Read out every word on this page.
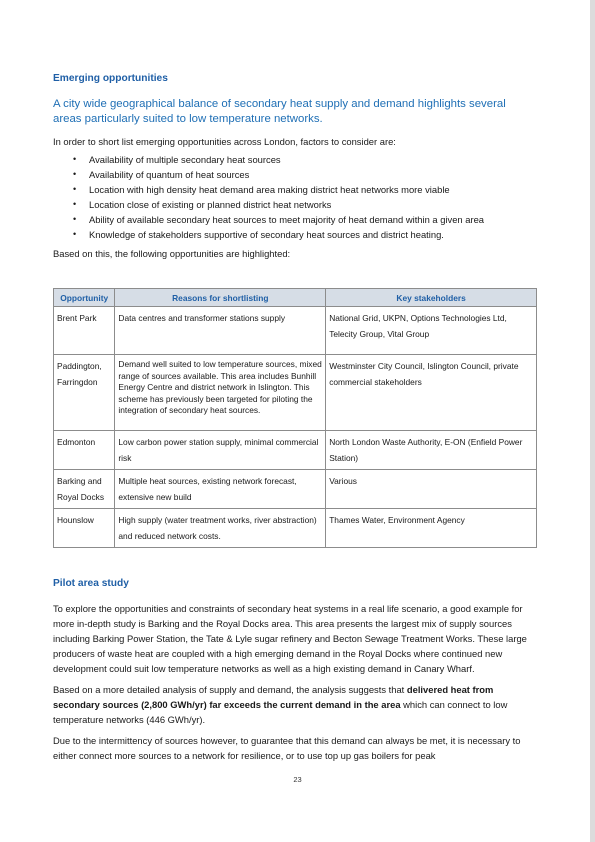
Emerging opportunities
A city wide geographical balance of secondary heat supply and demand highlights several areas particularly suited to low temperature networks.

In order to short list emerging opportunities across London, factors to consider are:

• Availability of multiple secondary heat sources
• Availability of quantum of heat sources
• Location with high density heat demand area making district heat networks more viable
• Location close of existing or planned district heat networks
• Ability of available secondary heat sources to meet majority of heat demand within a given area
• Knowledge of stakeholders supportive of secondary heat sources and district heating.

Based on this, the following opportunities are highlighted:

Opportunity	Reasons for shortlisting	Key stakeholders
Brent Park	Data centres and transformer stations supply	National Grid, UKPN, Options Technologies Ltd, Telecity Group, Vital Group
Paddington, Farringdon	Demand well suited to low temperature sources, mixed range of sources available. This area includes Bunhill Energy Centre and district network in Islington. This scheme has previously been targeted for piloting the integration of secondary heat sources.	Westminster City Council, Islington Council, private commercial stakeholders
Edmonton	Low carbon power station supply, minimal commercial risk	North London Waste Authority, E-ON (Enfield Power Station)
Barking and Royal Docks	Multiple heat sources, existing network forecast, extensive new build	Various
Hounslow	High supply (water treatment works, river abstraction) and reduced network costs.	Thames Water, Environment Agency
Pilot area study

To explore the opportunities and constraints of secondary heat systems in a real life scenario, a good example for more in-depth study is Barking and the Royal Docks area. This area presents the largest mix of supply sources including Barking Power Station, the Tate & Lyle sugar refinery and Becton Sewage Treatment Works. These large producers of waste heat are coupled with a high emerging demand in the Royal Docks where continued new development could suit low temperature networks as well as a high existing demand in Canary Wharf.

Based on a more detailed analysis of supply and demand, the analysis suggests that delivered heat from secondary sources (2,800 GWh/yr) far exceeds the current demand in the area which can connect to low temperature networks (446 GWh/yr).

Due to the intermittency of sources however, to guarantee that this demand can always be met, it is necessary to either connect more sources to a network for resilience, or to use top up gas boilers for peak

23
